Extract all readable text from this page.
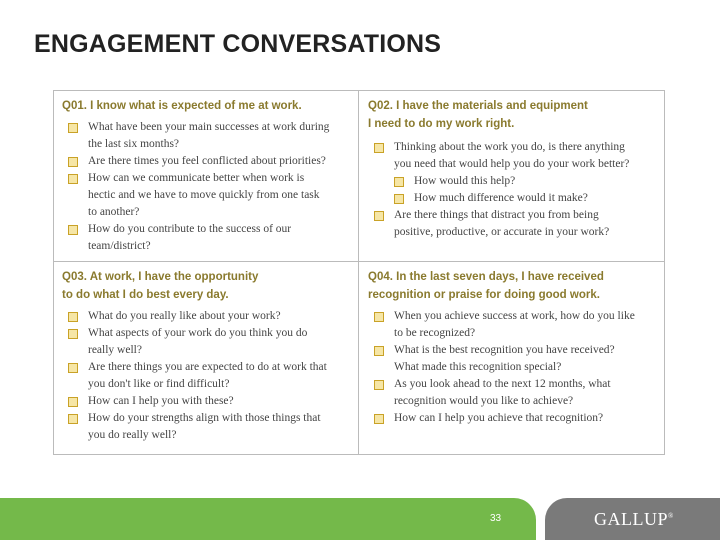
ENGAGEMENT CONVERSATIONS
Q01. I know what is expected of me at work.
What have been your main successes at work during
the last six months?
Are there times you feel conflicted about priorities?
How can we communicate better when work is
hectic and we have to move quickly from one task
to another?
How do you contribute to the success of our
team/district?
Q02. I have the materials and equipment
I need to do my work right.
Thinking about the work you do, is there anything
you need that would help you do your work better?
How would this help?
How much difference would it make?
Are there things that distract you from being
positive, productive, or accurate in your work?
Q03. At work, I have the opportunity
to do what I do best every day.
What do you really like about your work?
What aspects of your work do you think you do
really well?
Are there things you are expected to do at work that
you don't like or find difficult?
How can I help you with these?
How do your strengths align with those things that
you do really well?
Q04. In the last seven days, I have received
recognition or praise for doing good work.
When you achieve success at work, how do you like
to be recognized?
What is the best recognition you have received?
What made this recognition special?
As you look ahead to the next 12 months, what
recognition would you like to achieve?
How can I help you achieve that recognition?
33	GALLUP®
